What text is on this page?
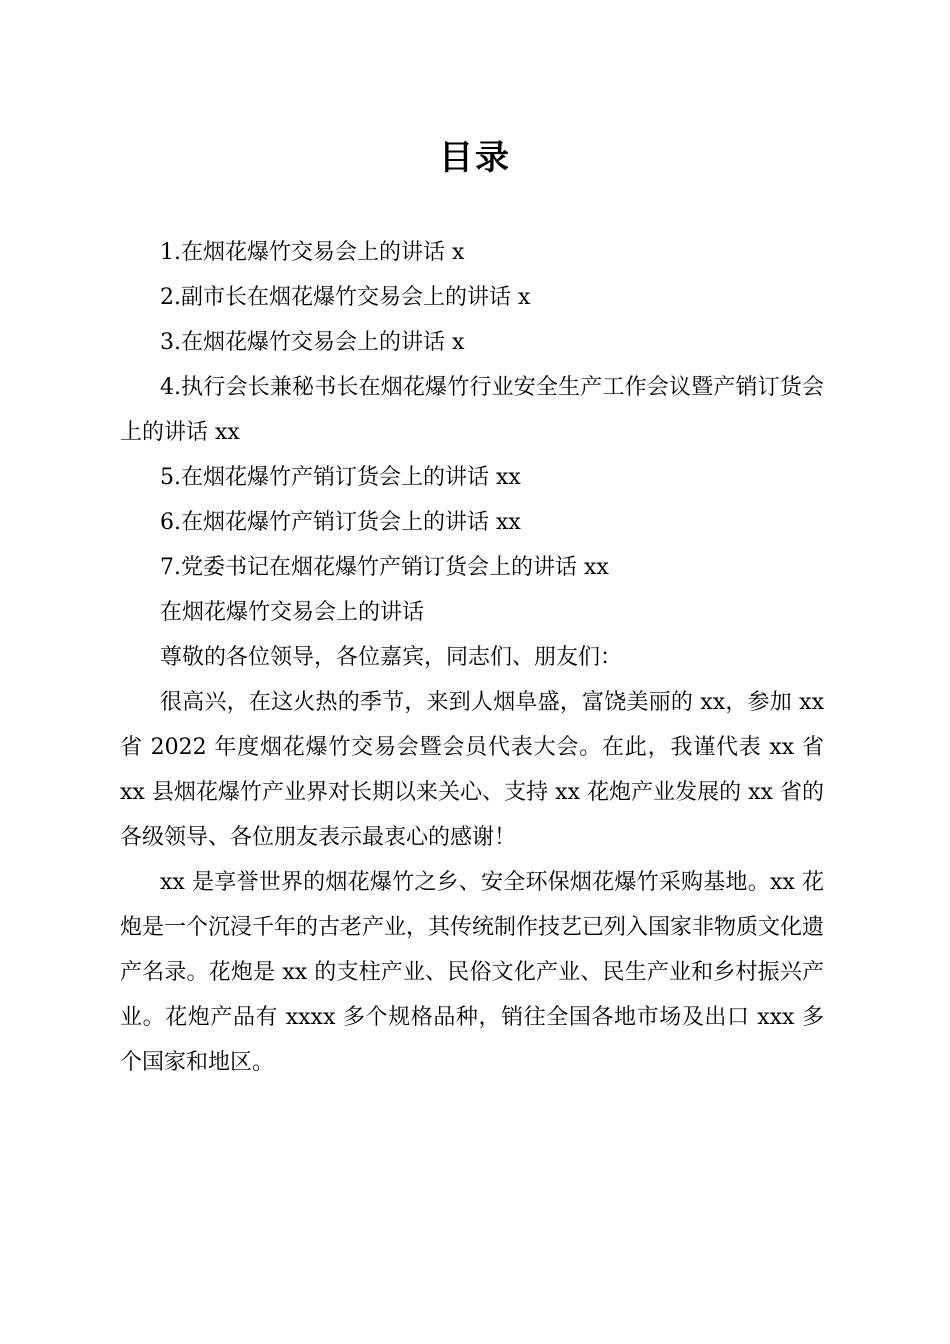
目录

1.在烟花爆竹交易会上的讲话 x

2.副市长在烟花爆竹交易会上的讲话 x

3.在烟花爆竹交易会上的讲话 x

4.执行会长兼秘书长在烟花爆竹行业安全生产工作会议暨产销订货会上的讲话 xx

5.在烟花爆竹产销订货会上的讲话 xx

6.在烟花爆竹产销订货会上的讲话 xx

7.党委书记在烟花爆竹产销订货会上的讲话 xx

在烟花爆竹交易会上的讲话

尊敬的各位领导，各位嘉宾，同志们、朋友们：

很高兴，在这火热的季节，来到人烟阜盛，富饶美丽的 xx，参加 xx 省 2022 年度烟花爆竹交易会暨会员代表大会。在此，我谨代表 xx 省 xx 县烟花爆竹产业界对长期以来关心、支持 xx 花炮产业发展的 xx 省的各级领导、各位朋友表示最衷心的感谢！

xx 是享誉世界的烟花爆竹之乡、安全环保烟花爆竹采购基地。xx 花炮是一个沉浸千年的古老产业，其传统制作技艺已列入国家非物质文化遗产名录。花炮是 xx 的支柱产业、民俗文化产业、民生产业和乡村振兴产业。花炮产品有 xxxx 多个规格品种，销往全国各地市场及出口 xxx 多个国家和地区。
